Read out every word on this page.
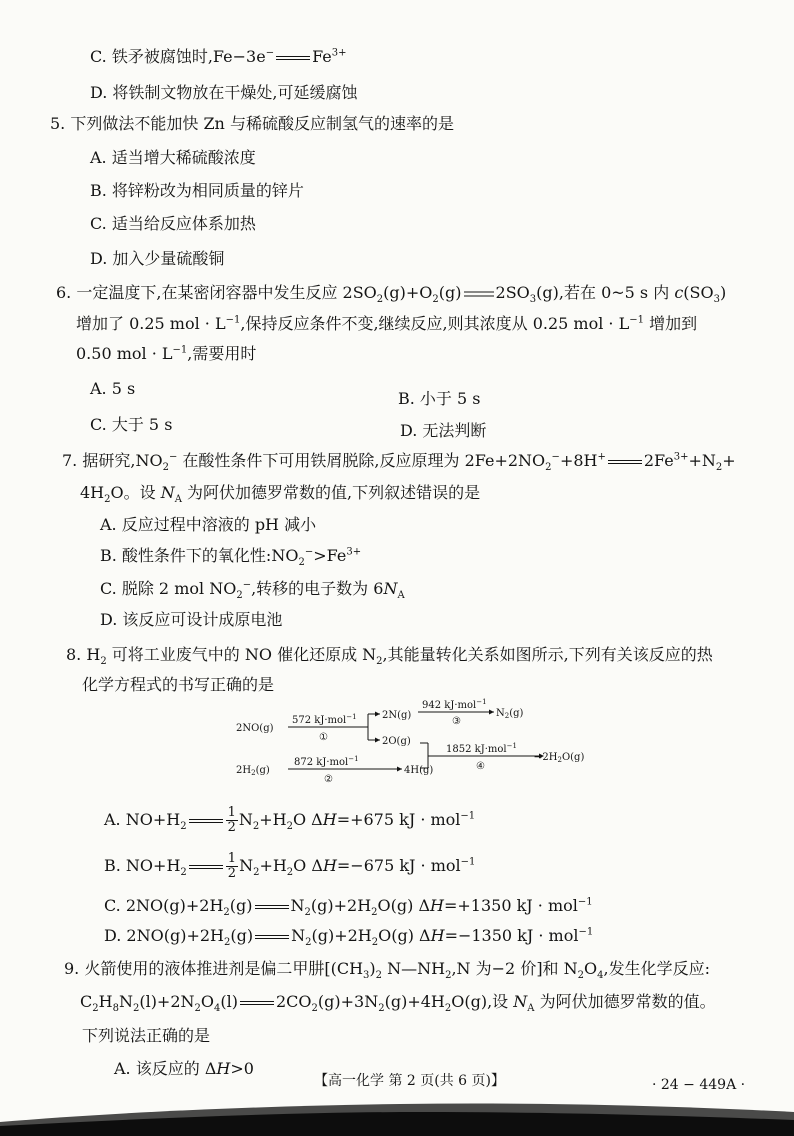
C. 铁矛被腐蚀时,Fe−3e− $Fe^{3+}$
D. 将铁制文物放在干燥处,可延缓腐蚀
5. 下列做法不能加快 Zn 与稀硫酸反应制氢气的速率的是
A. 适当增大稀硫酸浓度
B. 将锌粉改为相同质量的锌片
C. 适当给反应体系加热
D. 加入少量硫酸铜
6. 一定温度下,在某密闭容器中发生反应 $2SO_2(g)+O_2(g)$ $2SO_3(g)$,若在 0~5 s 内 $c(SO_3)$
增加了 0.25 mol · $L^{-1}$,保持反应条件不变,继续反应,则其浓度从 0.25 mol · $L^{-1}$ 增加到
0.50 mol · $L^{-1}$,需要用时
A. 5 s
B. 小于 5 s
C. 大于 5 s	D. 无法判断
7. 据研究$,NO_2^-$ 在酸性条件下可用铁屑脱除,反应原理为 $2Fe+2NO_2^-+8H^+$ $2Fe^{3+}+N_2+$
$4H_2O$。设 $N_A$ 为阿伏加德罗常数的值,下列叙述错误的是
A. 反应过程中溶液的 pH 减小
B. 酸性条件下的氧化性$:NO_2^->Fe^{3+}$
C. 脱除 2 mol $NO_2^-$,转移的电子数为 $6N_A$
D. 该反应可设计成原电池
8. $H_2$ 可将工业废气中的 NO 催化还原成 $N_2$,其能量转化关系如图所示,下列有关该反应的热
化学方程式的书写正确的是
2NO(g)
$2H_2(g)$
2N(g)
2O(g)
4H(g)
$N_2(g)$
$\to 2H_2O(g)$
572 kJ·mol$^{-1}$
①
942 kJ·mol$^{-1}$
③
872 kJ·mol$^{-1}$
②
1852 kJ·mol$^{-1}$
④
A. $NO+H_2$	$\frac{1}{2} N_2+H_2O$ ΔH=+675 kJ · mol$^{-1}$
B. $NO+H_2$	$\frac{1}{2} N_2+H_2O$ ΔH=−675 kJ · mol$^{-1}$
C. $2NO(g)+2H_2(g)$ $N_2(g)+2H_2O(g)$ ΔH=+1350 kJ · mol$^{-1}$
D. $2NO(g)+2H_2(g)$ $N_2(g)+2H_2O(g)$ ΔH=−1350 kJ · mol$^{-1}$
9. 火箭使用的液体推进剂是偏二甲肼[$(CH_3)_2$ $N—NH_2,N$ 为−2 价]和 $N_2O_4$,发生化学反应:
$C_2H_8N_2(l)+2N_2O_4(l)$ $2CO_2(g)+3N_2(g)+4H_2O(g)$,设 $N_A$ 为阿伏加德罗常数的值。
下列说法正确的是
A. 该反应的 ΔH>0
【高一化学 第 2 页(共 6 页)】	· 24 − 449A ·
